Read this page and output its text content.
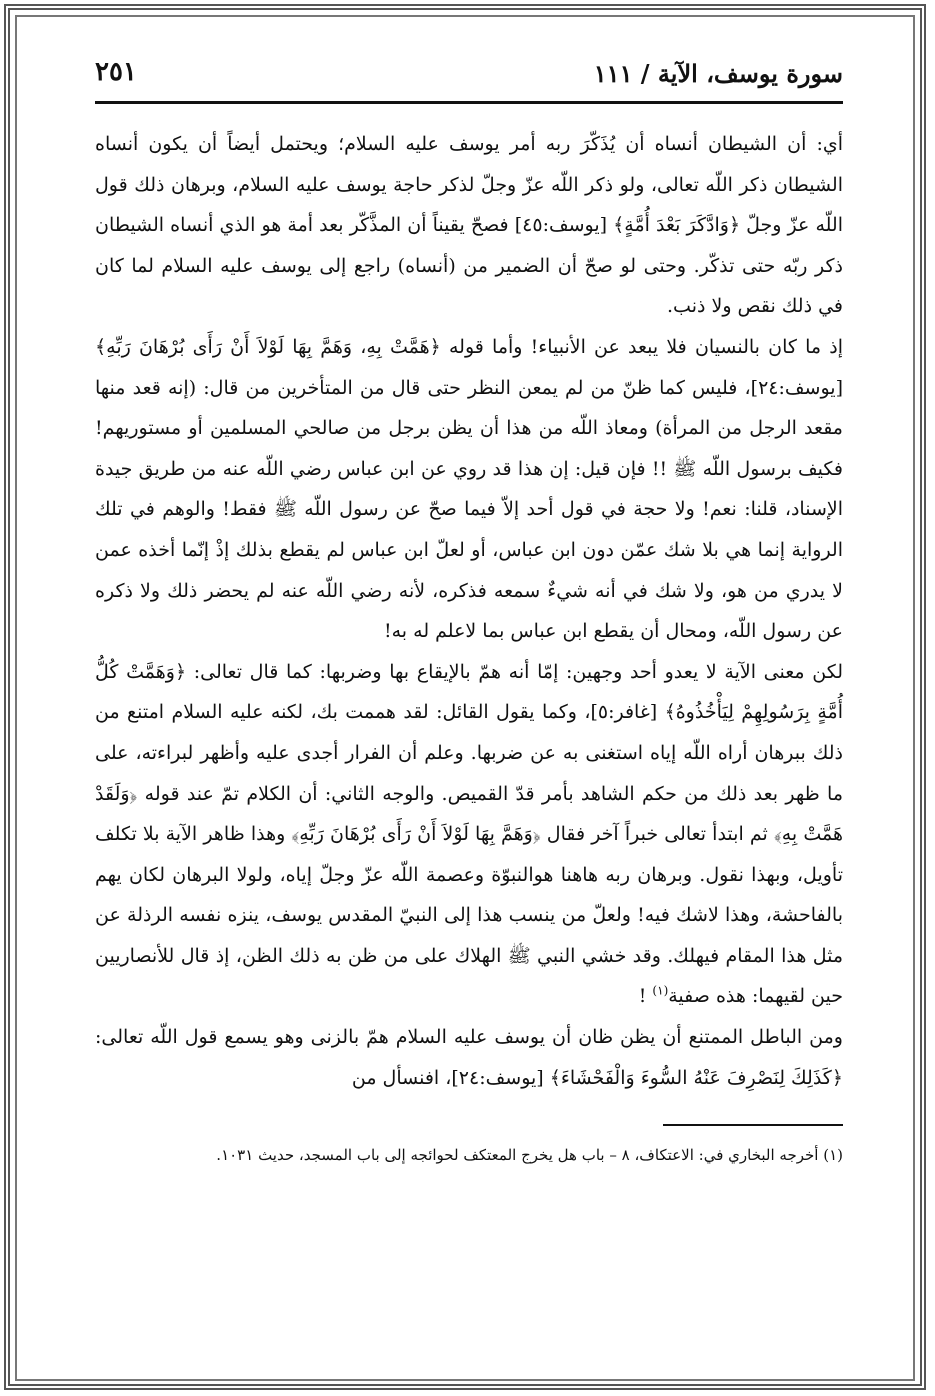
سورة يوسف، الآية / ١١١
٢٥١

أي: أن الشيطان أنساه أن يُذَكّرَ ربه أمر يوسف عليه السلام؛ ويحتمل أيضاً أن يكون أنساه الشيطان ذكر اللّه تعالى، ولو ذكر اللّه عزّ وجلّ لذكر حاجة يوسف عليه السلام، وبرهان ذلك قول اللّه عزّ وجلّ ﴿وَادَّكَرَ بَعْدَ أُمَّةٍ﴾ [يوسف:٤٥] فصحّ يقيناً أن المذَّكّر بعد أمة هو الذي أنساه الشيطان ذكر ربّه حتى تذكّر. وحتى لو صحّ أن الضمير من (أنساه) راجع إلى يوسف عليه السلام لما كان في ذلك نقص ولا ذنب.

إذ ما كان بالنسيان فلا يبعد عن الأنبياء! وأما قوله ﴿هَمَّتْ بِهِ، وَهَمَّ بِهَا لَوْلاَ أَنْ رَأَى بُرْهَانَ رَبِّهِ﴾ [يوسف:٢٤]، فليس كما ظنّ من لم يمعن النظر حتى قال من المتأخرين من قال: (إنه قعد منها مقعد الرجل من المرأة) ومعاذ اللّه من هذا أن يظن برجل من صالحي المسلمين أو مستوريهم! فكيف برسول اللّه ﷺ !! فإن قيل: إن هذا قد روي عن ابن عباس رضي اللّه عنه من طريق جيدة الإسناد، قلنا: نعم! ولا حجة في قول أحد إلاّ فيما صحّ عن رسول اللّه ﷺ فقط! والوهم في تلك الرواية إنما هي بلا شك عمّن دون ابن عباس، أو لعلّ ابن عباس لم يقطع بذلك إذْ إنّما أخذه عمن لا يدري من هو، ولا شك في أنه شيءٌ سمعه فذكره، لأنه رضي اللّه عنه لم يحضر ذلك ولا ذكره عن رسول اللّه، ومحال أن يقطع ابن عباس بما لاعلم له به!

لكن معنى الآية لا يعدو أحد وجهين: إمّا أنه همّ بالإيقاع بها وضربها: كما قال تعالى: ﴿وَهَمَّتْ كُلُّ أُمَّةٍ بِرَسُولِهِمْ لِيَأْخُذُوهُ﴾ [غافر:٥]، وكما يقول القائل: لقد هممت بك، لكنه عليه السلام امتنع من ذلك ببرهان أراه اللّه إياه استغنى به عن ضربها. وعلم أن الفرار أجدى عليه وأظهر لبراءته، على ما ظهر بعد ذلك من حكم الشاهد بأمر قدّ القميص. والوجه الثاني: أن الكلام تمّ عند قوله ﴿وَلَقَدْ هَمَّتْ بِهِ﴾ ثم ابتدأ تعالى خبراً آخر فقال ﴿وَهَمَّ بِهَا لَوْلاَ أَنْ رَأَى بُرْهَانَ رَبِّهِ﴾ وهذا ظاهر الآية بلا تكلف تأويل، وبهذا نقول. وبرهان ربه هاهنا هوالنبوّة وعصمة اللّه عزّ وجلّ إياه، ولولا البرهان لكان يهم بالفاحشة، وهذا لاشك فيه! ولعلّ من ينسب هذا إلى النبيّ المقدس يوسف، ينزه نفسه الرذلة عن مثل هذا المقام فيهلك. وقد خشي النبي ﷺ الهلاك على من ظن به ذلك الظن، إذ قال للأنصاريين حين لقيهما: هذه صفية$^{(١)}$ !

ومن الباطل الممتنع أن يظن ظان أن يوسف عليه السلام همّ بالزنى وهو يسمع قول اللّه تعالى: ﴿كَذَلِكَ لِنَصْرِفَ عَنْهُ السُّوءَ وَالْفَحْشَاءَ﴾ [يوسف:٢٤]، افنسأل من

(١) أخرجه البخاري في: الاعتكاف، ٨ – باب هل يخرج المعتكف لحوائجه إلى باب المسجد، حديث ١٠٣١.
